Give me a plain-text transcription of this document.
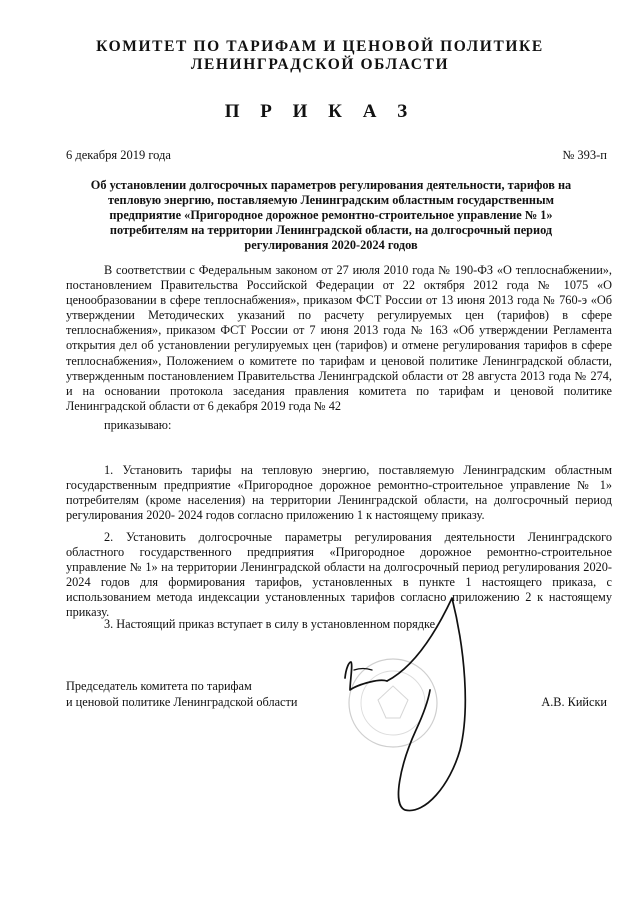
КОМИТЕТ ПО ТАРИФАМ И ЦЕНОВОЙ ПОЛИТИКЕ
ЛЕНИНГРАДСКОЙ ОБЛАСТИ
П Р И К А З
6 декабря 2019 года	№ 393-п
Об установлении долгосрочных параметров регулирования деятельности, тарифов на тепловую энергию, поставляемую Ленинградским областным государственным предприятие «Пригородное дорожное ремонтно-строительное управление № 1» потребителям на территории Ленинградской области, на долгосрочный период регулирования 2020-2024 годов

В соответствии с Федеральным законом от 27 июля 2010 года № 190-ФЗ «О теплоснабжении», постановлением Правительства Российской Федерации от 22 октября 2012 года № 1075 «О ценообразовании в сфере теплоснабжения», приказом ФСТ России от 13 июня 2013 года № 760-э «Об утверждении Методических указаний по расчету регулируемых цен (тарифов) в сфере теплоснабжения», приказом ФСТ России от 7 июня 2013 года № 163 «Об утверждении Регламента открытия дел об установлении регулируемых цен (тарифов) и отмене регулирования тарифов в сфере теплоснабжения», Положением о комитете по тарифам и ценовой политике Ленинградской области, утвержденным постановлением Правительства Ленинградской области от 28 августа 2013 года № 274, и на основании протокола заседания правления комитета по тарифам и ценовой политике Ленинградской области от 6 декабря 2019 года № 42

приказываю:

1. Установить тарифы на тепловую энергию, поставляемую Ленинградским областным государственным предприятие «Пригородное дорожное ремонтно-строительное управление № 1» потребителям (кроме населения) на территории Ленинградской области, на долгосрочный период регулирования 2020- 2024 годов согласно приложению 1 к настоящему приказу.

2. Установить долгосрочные параметры регулирования деятельности Ленинградского областного государственного предприятия «Пригородное дорожное ремонтно-строительное управление № 1» на территории Ленинградской области на долгосрочный период регулирования 2020-2024 годов для формирования тарифов, установленных в пункте 1 настоящего приказа, с использованием метода индексации установленных тарифов согласно приложению 2 к настоящему приказу.

3. Настоящий приказ вступает в силу в установленном порядке.

Председатель комитета по тарифам
и ценовой политике Ленинградской области	А.В. Кийски
